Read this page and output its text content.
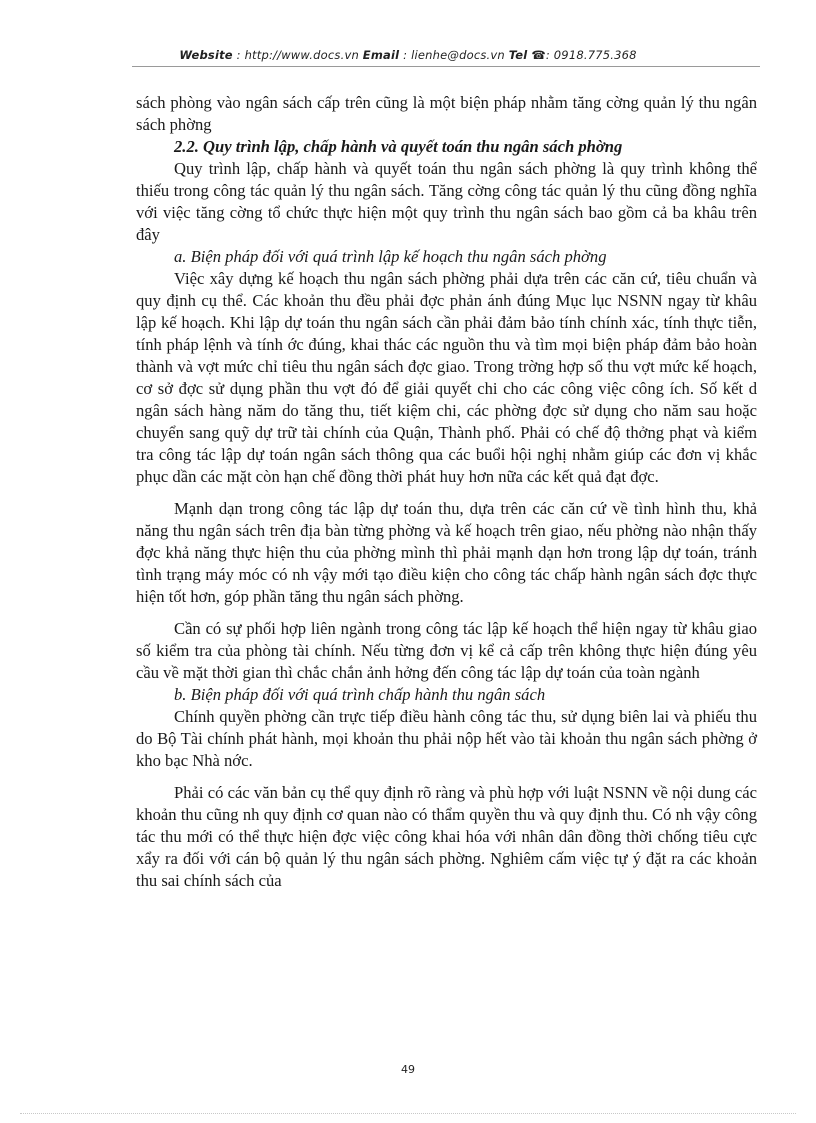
Website : http://www.docs.vn Email : lienhe@docs.vn Tel ☎: 0918.775.368

sách phòng vào ngân sách cấp trên cũng là một biện pháp nhằm tăng cờng quản lý thu ngân sách phờng

2.2. Quy trình lập, chấp hành và quyết toán thu ngân sách phờng

Quy trình lập, chấp hành và quyết toán thu ngân sách phờng là quy trình không thể thiếu trong công tác quản lý thu ngân sách. Tăng cờng công tác quản lý thu cũng đồng nghĩa với việc tăng cờng tổ chức thực hiện một quy trình thu ngân sách bao gồm cả ba khâu trên đây

a. Biện pháp đối với quá trình lập kế hoạch thu ngân sách phờng

Việc xây dựng kế hoạch thu ngân sách phờng phải dựa trên các căn cứ, tiêu chuẩn và quy định cụ thể. Các khoản thu đều phải đợc phản ánh đúng Mục lục NSNN ngay từ khâu lập kế hoạch. Khi lập dự toán thu ngân sách cần phải đảm bảo tính chính xác, tính thực tiễn, tính pháp lệnh và tính ớc đúng, khai thác các nguồn thu và tìm mọi biện pháp đảm bảo hoàn thành và vợt mức chỉ tiêu thu ngân sách đợc giao. Trong trờng hợp số thu vợt mức kế hoạch, cơ sở đợc sử dụng phần thu vợt đó để giải quyết chi cho các công việc công ích. Số kết d ngân sách hàng năm do tăng thu, tiết kiệm chi, các phờng đợc sử dụng cho năm sau hoặc chuyển sang quỹ dự trữ tài chính của Quận, Thành phố. Phải có chế độ thởng phạt và kiểm tra công tác lập dự toán ngân sách thông qua các buổi hội nghị nhằm giúp các đơn vị khắc phục dần các mặt còn hạn chế đồng thời phát huy hơn nữa các kết quả đạt đợc.

Mạnh dạn trong công tác lập dự toán thu, dựa trên các căn cứ về tình hình thu, khả năng thu ngân sách trên địa bàn từng phờng và kế hoạch trên giao, nếu phờng nào nhận thấy đợc khả năng thực hiện thu của phờng mình thì phải mạnh dạn hơn trong lập dự toán, tránh tình trạng máy móc có nh vậy mới tạo điều kiện cho công tác chấp hành ngân sách đợc thực hiện tốt hơn, góp phần tăng thu ngân sách phờng.

Cần có sự phối hợp liên ngành trong công tác lập kế hoạch thể hiện ngay từ khâu giao số kiểm tra của phòng tài chính. Nếu từng đơn vị kể cả cấp trên không thực hiện đúng yêu cầu về mặt thời gian thì chắc chắn ảnh hởng đến công tác lập dự toán của toàn ngành

b. Biện pháp đối với quá trình chấp hành thu ngân sách

Chính quyền phờng cần trực tiếp điều hành công tác thu, sử dụng biên lai và phiếu thu do Bộ Tài chính phát hành, mọi khoản thu phải nộp hết vào tài khoản thu ngân sách phờng ở kho bạc Nhà nớc.

Phải có các văn bản cụ thể quy định rõ ràng và phù hợp với luật NSNN về nội dung các khoản thu cũng nh quy định cơ quan nào có thẩm quyền thu và quy định thu. Có nh vậy công tác thu mới có thể thực hiện đợc việc công khai hóa với nhân dân đồng thời chống tiêu cực xẩy ra đối với cán bộ quản lý thu ngân sách phờng. Nghiêm cấm việc tự ý đặt ra các khoản thu sai chính sách của

49
